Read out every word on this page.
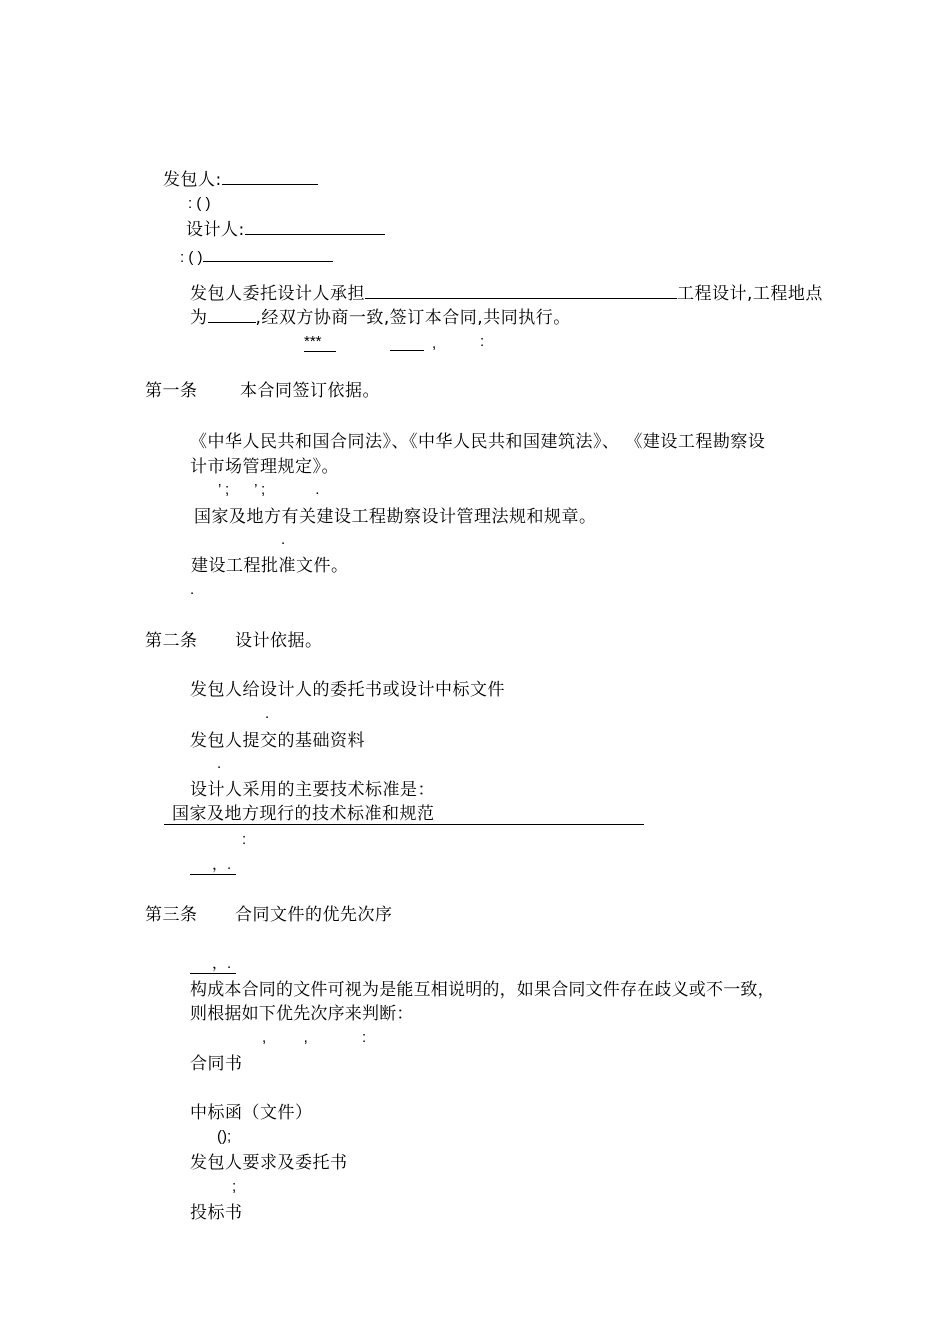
发包人:
: ( )
设计人:
: ( )
发包人委托设计人承担	工程设计,工程地点
为	,经双方协商一致,签订本合同,共同执行。
***	,	:
第一条	本合同签订依据。
《中华人民共和国合同法》、《中华人民共和国建筑法》、 《建设工程勘察设
计市场管理规定》。
’ ;      ’ ;            .
国家及地方有关建设工程勘察设计管理法规和规章。
.
建设工程批准文件。
.
第二条 设计依据。
发包人给设计人的委托书或设计中标文件
.
发包人提交的基础资料
.
设计人采用的主要技术标准是：
国家及地方现行的技术标准和规范
:
，.
第三条 合同文件的优先次序
，.
构成本合同的文件可视为是能互相说明的，如果合同文件存在歧义或不一致，
则根据如下优先次序来判断：
,         ,             :
合同书
中标函（文件）
();
发包人要求及委托书
;
投标书
